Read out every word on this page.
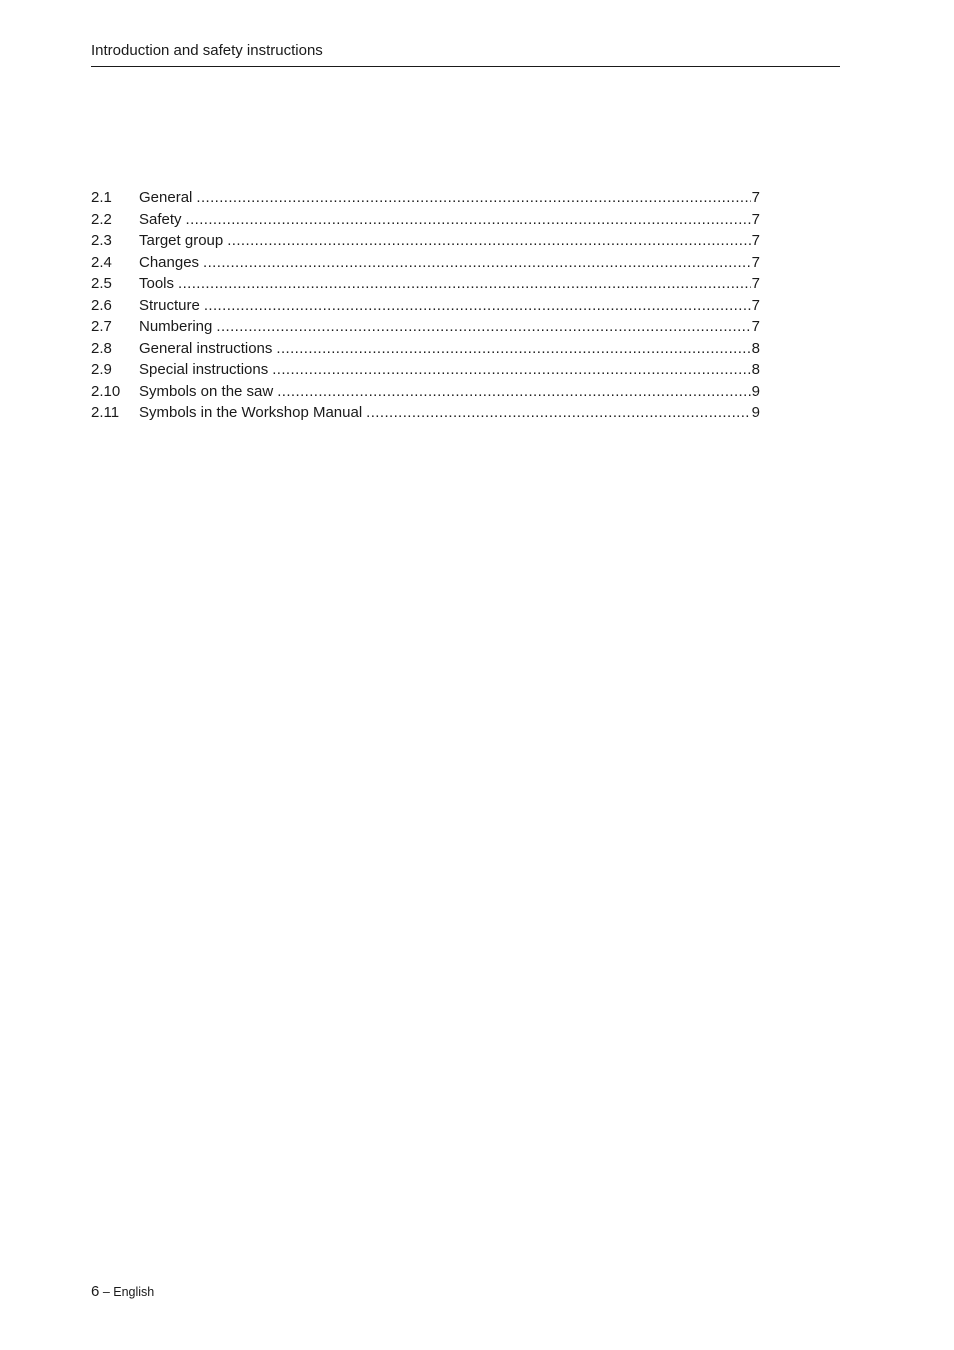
Introduction and safety instructions
2.1	General .....	7
2.2	Safety .....	7
2.3	Target group .....	7
2.4	Changes .....	7
2.5	Tools .....	7
2.6	Structure .....	7
2.7	Numbering .....	7
2.8	General instructions .....	8
2.9	Special instructions .....	8
2.10	Symbols on the saw .....	9
2.11	Symbols in the Workshop Manual .....	9
6 – English
